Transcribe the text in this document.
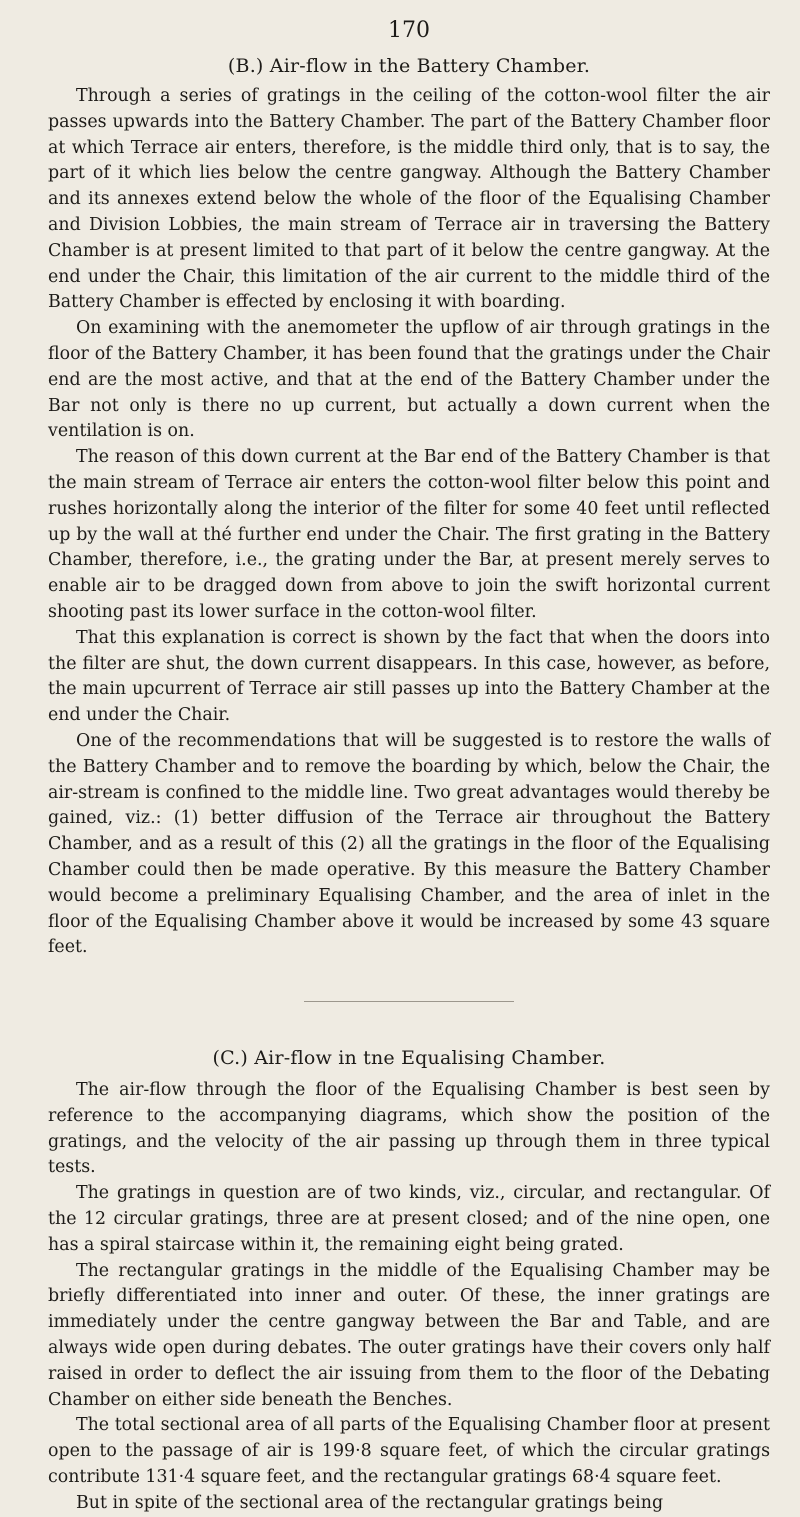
170
(B.) Air-flow in the Battery Chamber.

Through a series of gratings in the ceiling of the cotton-wool filter the air passes upwards into the Battery Chamber. The part of the Battery Chamber floor at which Terrace air enters, therefore, is the middle third only, that is to say, the part of it which lies below the centre gangway. Although the Battery Chamber and its annexes extend below the whole of the floor of the Equalising Chamber and Division Lobbies, the main stream of Terrace air in traversing the Battery Chamber is at present limited to that part of it below the centre gangway. At the end under the Chair, this limitation of the air current to the middle third of the Battery Chamber is effected by enclosing it with boarding.

On examining with the anemometer the upflow of air through gratings in the floor of the Battery Chamber, it has been found that the gratings under the Chair end are the most active, and that at the end of the Battery Chamber under the Bar not only is there no up current, but actually a down current when the ventilation is on.

The reason of this down current at the Bar end of the Battery Chamber is that the main stream of Terrace air enters the cotton-wool filter below this point and rushes horizontally along the interior of the filter for some 40 feet until reflected up by the wall at thé further end under the Chair. The first grating in the Battery Chamber, therefore, i.e., the grating under the Bar, at present merely serves to enable air to be dragged down from above to join the swift horizontal current shooting past its lower surface in the cotton-wool filter.

That this explanation is correct is shown by the fact that when the doors into the filter are shut, the down current disappears. In this case, however, as before, the main upcurrent of Terrace air still passes up into the Battery Chamber at the end under the Chair.

One of the recommendations that will be suggested is to restore the walls of the Battery Chamber and to remove the boarding by which, below the Chair, the air-stream is confined to the middle line. Two great advantages would thereby be gained, viz.: (1) better diffusion of the Terrace air throughout the Battery Chamber, and as a result of this (2) all the gratings in the floor of the Equalising Chamber could then be made operative. By this measure the Battery Chamber would become a preliminary Equalising Chamber, and the area of inlet in the floor of the Equalising Chamber above it would be increased by some 43 square feet.

(C.) Air-flow in tne Equalising Chamber.

The air-flow through the floor of the Equalising Chamber is best seen by reference to the accompanying diagrams, which show the position of the gratings, and the velocity of the air passing up through them in three typical tests.

The gratings in question are of two kinds, viz., circular, and rectangular. Of the 12 circular gratings, three are at present closed; and of the nine open, one has a spiral staircase within it, the remaining eight being grated.

The rectangular gratings in the middle of the Equalising Chamber may be briefly differentiated into inner and outer. Of these, the inner gratings are immediately under the centre gangway between the Bar and Table, and are always wide open during debates. The outer gratings have their covers only half raised in order to deflect the air issuing from them to the floor of the Debating Chamber on either side beneath the Benches.

The total sectional area of all parts of the Equalising Chamber floor at present open to the passage of air is 199·8 square feet, of which the circular gratings contribute 131·4 square feet, and the rectangular gratings 68·4 square feet.

But in spite of the sectional area of the rectangular gratings being
